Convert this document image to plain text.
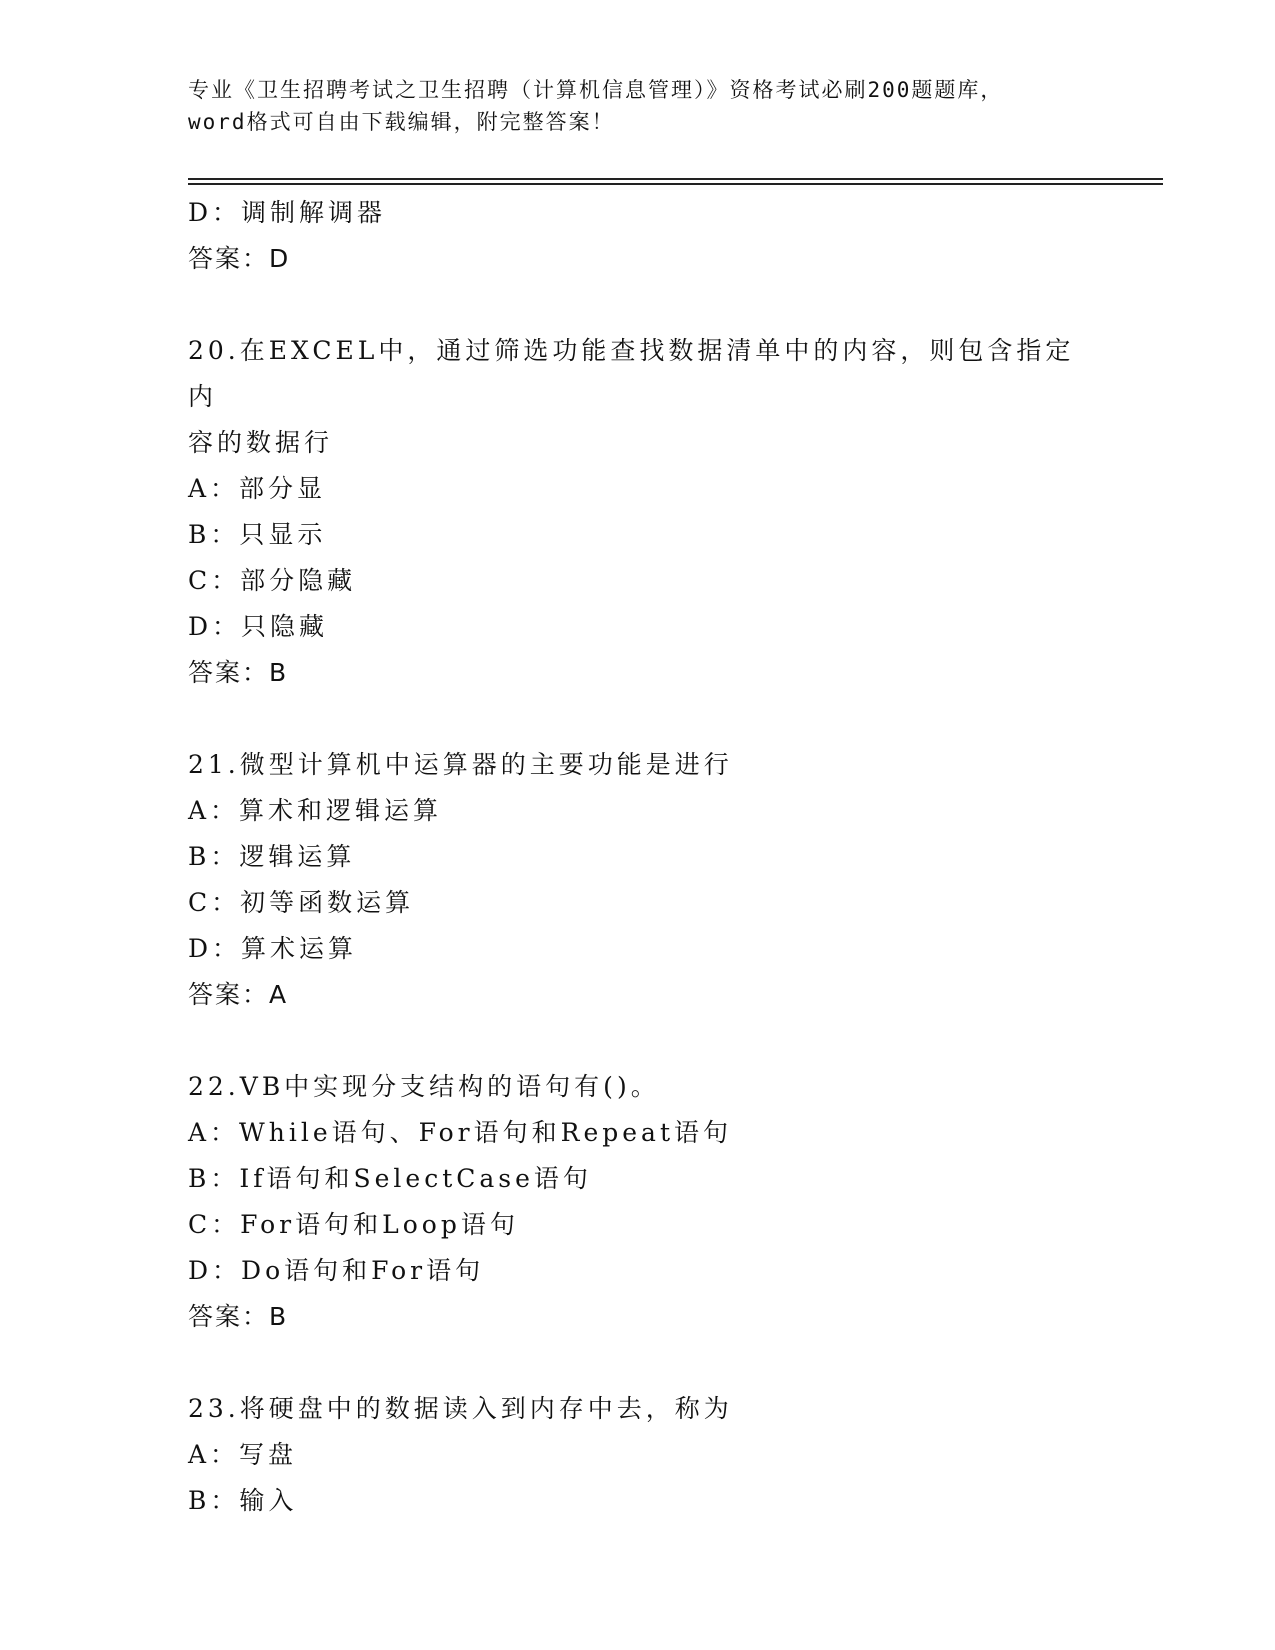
专业《卫生招聘考试之卫生招聘（计算机信息管理）》资格考试必刷200题题库，
word格式可自由下载编辑，附完整答案！
D：调制解调器
答案：D
20.在EXCEL中，通过筛选功能查找数据清单中的内容，则包含指定内
容的数据行
A：部分显
B：只显示
C：部分隐藏
D：只隐藏
答案：B
21.微型计算机中运算器的主要功能是进行
A：算术和逻辑运算
B：逻辑运算
C：初等函数运算
D：算术运算
答案：A
22.VB中实现分支结构的语句有()。
A：While语句、For语句和Repeat语句
B：If语句和SelectCase语句
C：For语句和Loop语句
D：Do语句和For语句
答案：B
23.将硬盘中的数据读入到内存中去，称为
A：写盘
B：输入
